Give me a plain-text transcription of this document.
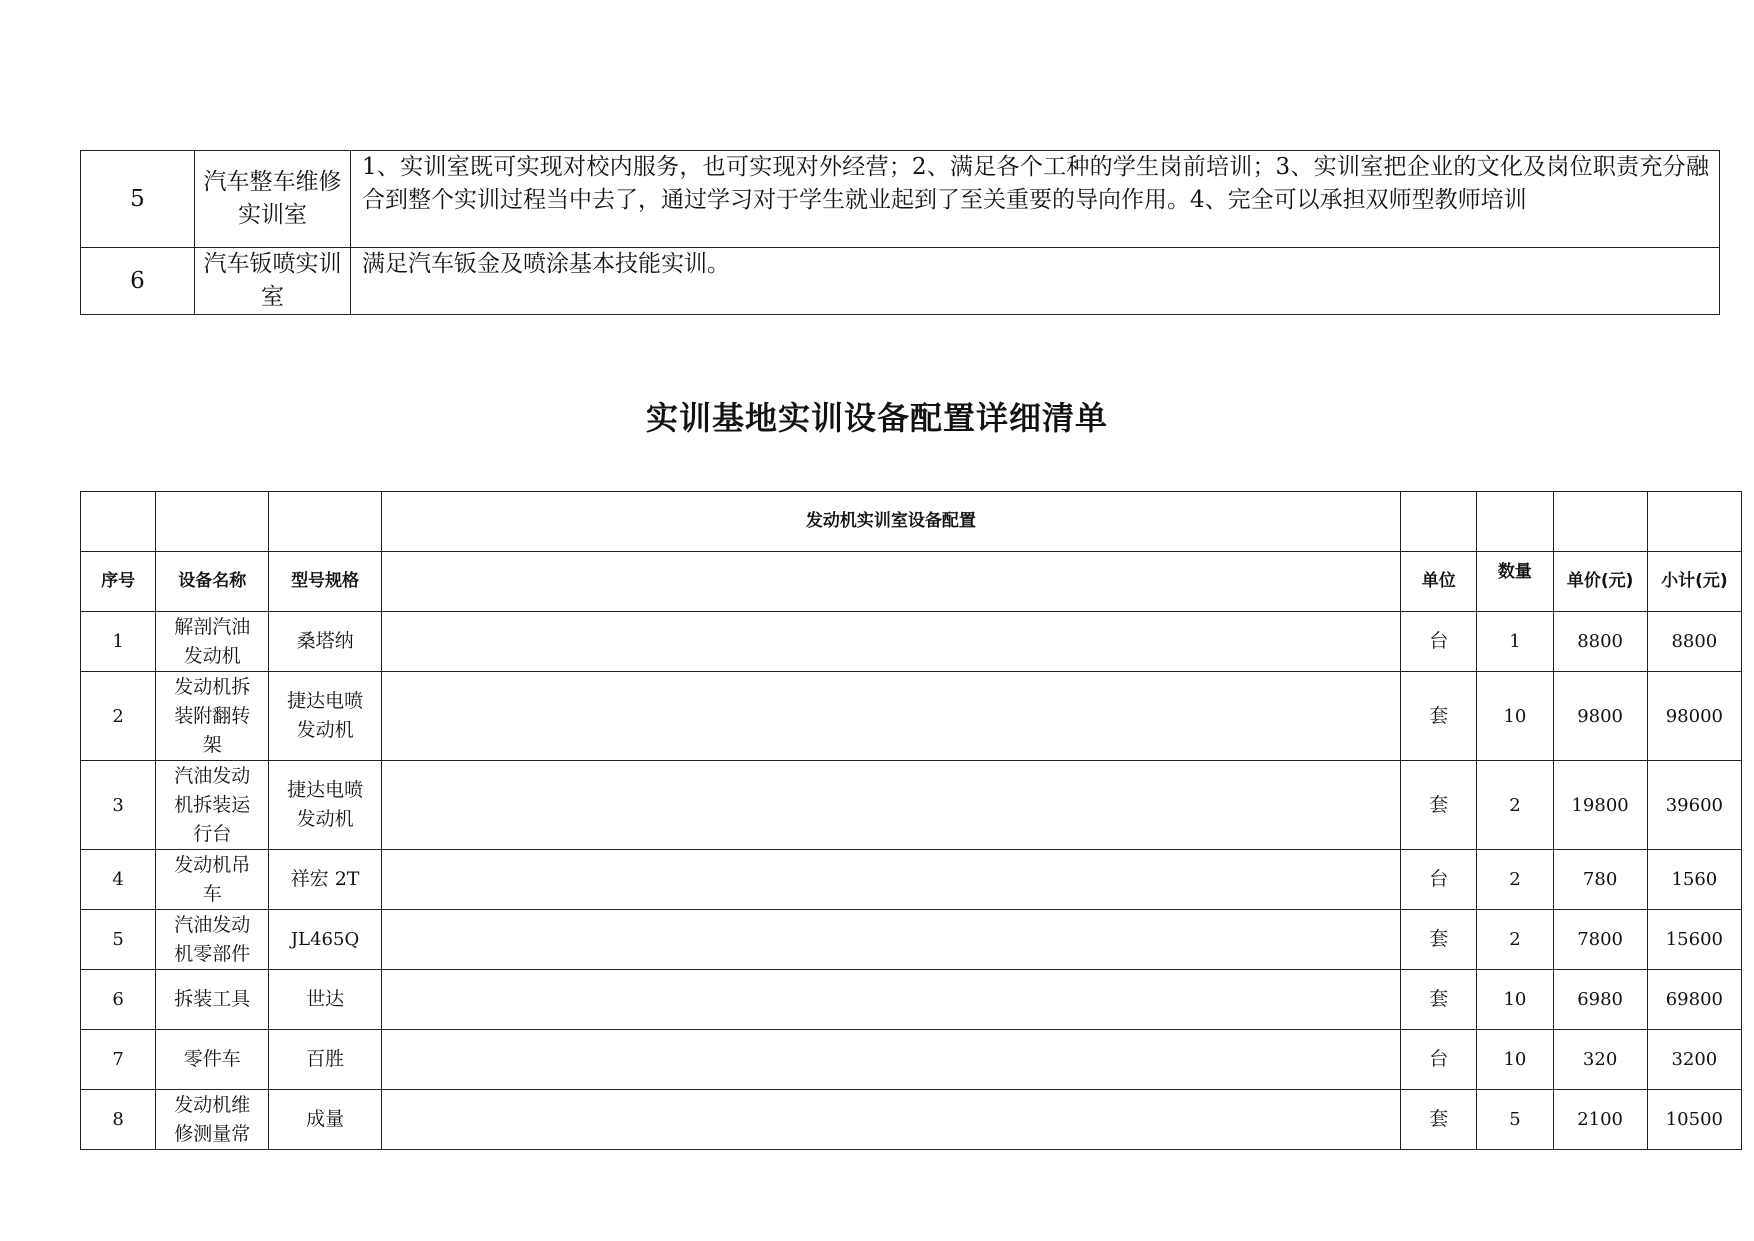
5	汽车整车维修实训室	1、实训室既可实现对校内服务，也可实现对外经营；2、满足各个工种的学生岗前培训；3、实训室把企业的文化及岗位职责充分融合到整个实训过程当中去了，通过学习对于学生就业起到了至关重要的导向作用。4、完全可以承担双师型教师培训
6	汽车钣喷实训室	满足汽车钣金及喷涂基本技能实训。
实训基地实训设备配置详细清单
			发动机实训室设备配置				
序号	设备名称	型号规格		单位	数量	单价(元)	小计(元)
1	解剖汽油发动机	桑塔纳		台	1	8800	8800
2	发动机拆装附翻转架	捷达电喷发动机		套	10	9800	98000
3	汽油发动机拆装运行台	捷达电喷发动机		套	2	19800	39600
4	发动机吊车	祥宏 2T		台	2	780	1560
5	汽油发动机零部件	JL465Q		套	2	7800	15600
6	拆装工具	世达		套	10	6980	69800
7	零件车	百胜		台	10	320	3200
8	发动机维修测量常	成量		套	5	2100	10500
